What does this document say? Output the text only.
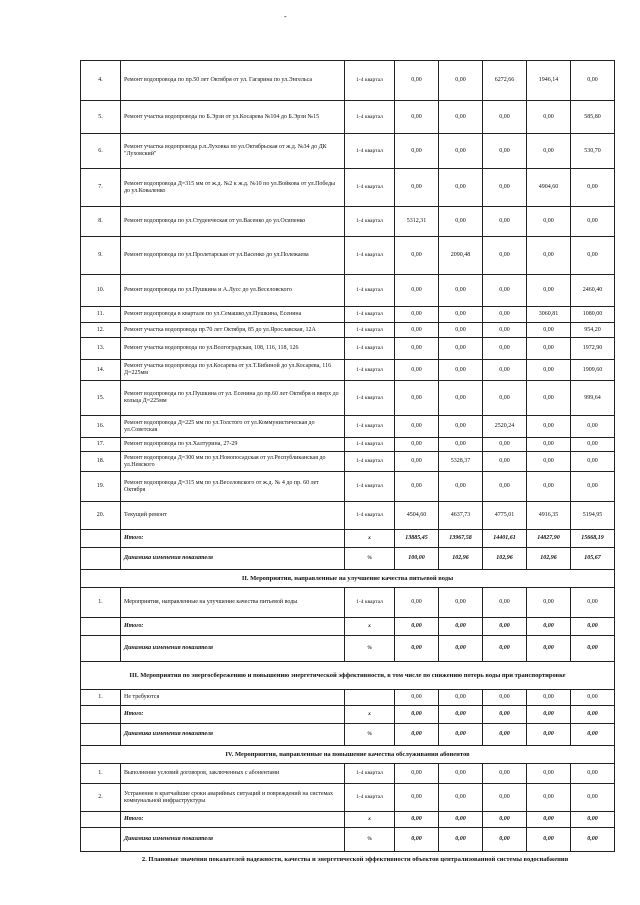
-
4.	Ремонт водопровода по пр.50 лет Октября от ул. Гагарина по ул.Энгельса	1-4 квартал	0,00	0,00	6272,66	1946,14	0,00
5.	Ремонт участка водопровода по Б.Эрзи от ул.Косарева №104 до Б.Эрзи №15	1-4 квартал	0,00	0,00	0,00	0,00	585,80
6.	Ремонт участка водопровода р.п.Луховка по ул.Октябрьская от ж.д. №34 до ДК "Луховский"	1-4 квартал	0,00	0,00	0,00	0,00	530,70
7.	Ремонт водопровода Д=315 мм от ж.д. №2 к ж.д. №10 по ул.Войкова от ул.Победы до ул.Коваленко	1-4 квартал	0,00	0,00	0,00	4904,60	0,00
8.	Ремонт водопровода по ул.Студенческая от ул.Васенко до ул.Осипенко	1-4 квартал	5312,31	0,00	0,00	0,00	0,00
9.	Ремонт водопровода по ул.Пролетарская от ул.Васенко до ул.Полежаева	1-4 квартал	0,00	2090,48	0,00	0,00	0,00
10.	Ремонт водопровода по ул.Пушкина и А.Лусс до ул.Веселовского	1-4 квартал	0,00	0,00	0,00	0,00	2460,40
11.	Ремонт водопровода в квартале по ул.Семашко,ул.Пушкина, Есенина	1-4 квартал	0,00	0,00	0,00	3060,81	1080,00
12.	Ремонт участка водопровода пр.70 лет Октября, 85 до ул.Ярославская, 12А	1-4 квартал	0,00	0,00	0,00	0,00	954,20
13.	Ремонт участка водопровода по ул.Волгоградская, 108, 116, 118, 126	1-4 квартал	0,00	0,00	0,00	0,00	1972,90
14.	Ремонт участка водопровода по ул.Косарева от ул.Т.Бибиной до ул.Косарева, 116 Д=225мм	1-4 квартал	0,00	0,00	0,00	0,00	1909,60
15.	Ремонт водопровода по ул.Пушкина от ул. Есенина до пр.60 лет Октября и вверх до кольца Д=225мм	1-4 квартал	0,00	0,00	0,00	0,00	999,64
16.	Ремонт водопровода Д=225 мм по ул.Толстого от ул.Коммунистическая до ул.Советская	1-4 квартал	0,00	0,00	2520,24	0,00	0,00
17.	Ремонт водопровода по ул.Халтурина, 27-29	1-4 квартал	0,00	0,00	0,00	0,00	0,00
18.	Ремонт водопровода Д=300 мм по ул.Новопосадская от ул.Республиканская до ул.Невского	1-4 квартал	0,00	5328,37	0,00	0,00	0,00
19.	Ремонт водопровода Д=315 мм по ул.Веселовского от ж.д. № 4 до пр. 60 лет Октября	1-4 квартал	0,00	0,00	0,00	0,00	0,00
20.	Текущий ремонт	1-4 квартал	4504,60	4637,73	4775,01	4916,35	5194,95
	Итого:	х	13885,45	13967,58	14401,61	14827,90	15668,19
	Динамика изменения показателя	%	100,00	102,96	102,96	102,96	105,67
II. Мероприятия, направленные на улучшение качества питьевой воды							
1.	Мероприятия, направленные на улучшение качества питьевой воды	1-4 квартал	0,00	0,00	0,00	0,00	0,00
	Итого:	х	0,00	0,00	0,00	0,00	0,00
	Динамика изменения показателя	%	0,00	0,00	0,00	0,00	0,00
III. Мероприятия по энергосбережению и повышению энергетической эффективности, в том числе по снижению потерь воды при транспортировке							
1.	Не требуются		0,00	0,00	0,00	0,00	0,00
	Итого:	х	0,00	0,00	0,00	0,00	0,00
	Динамика изменения показателя	%	0,00	0,00	0,00	0,00	0,00
IV. Мероприятия, направленные на повышение качества обслуживания абонентов							
1.	Выполнение условий договоров, заключенных с абонентами	1-4 квартал	0,00	0,00	0,00	0,00	0,00
2.	Устранение в кратчайшие сроки аварийных ситуаций и повреждений на системах коммунальной инфраструктуры	1-4 квартал	0,00	0,00	0,00	0,00	0,00
	Итого:	х	0,00	0,00	0,00	0,00	0,00
	Динамика изменения показателя	%	0,00	0,00	0,00	0,00	0,00
2. Плановые значения показателей надежности, качества и энергетической эффективности объектов централизованной системы водоснабжения
